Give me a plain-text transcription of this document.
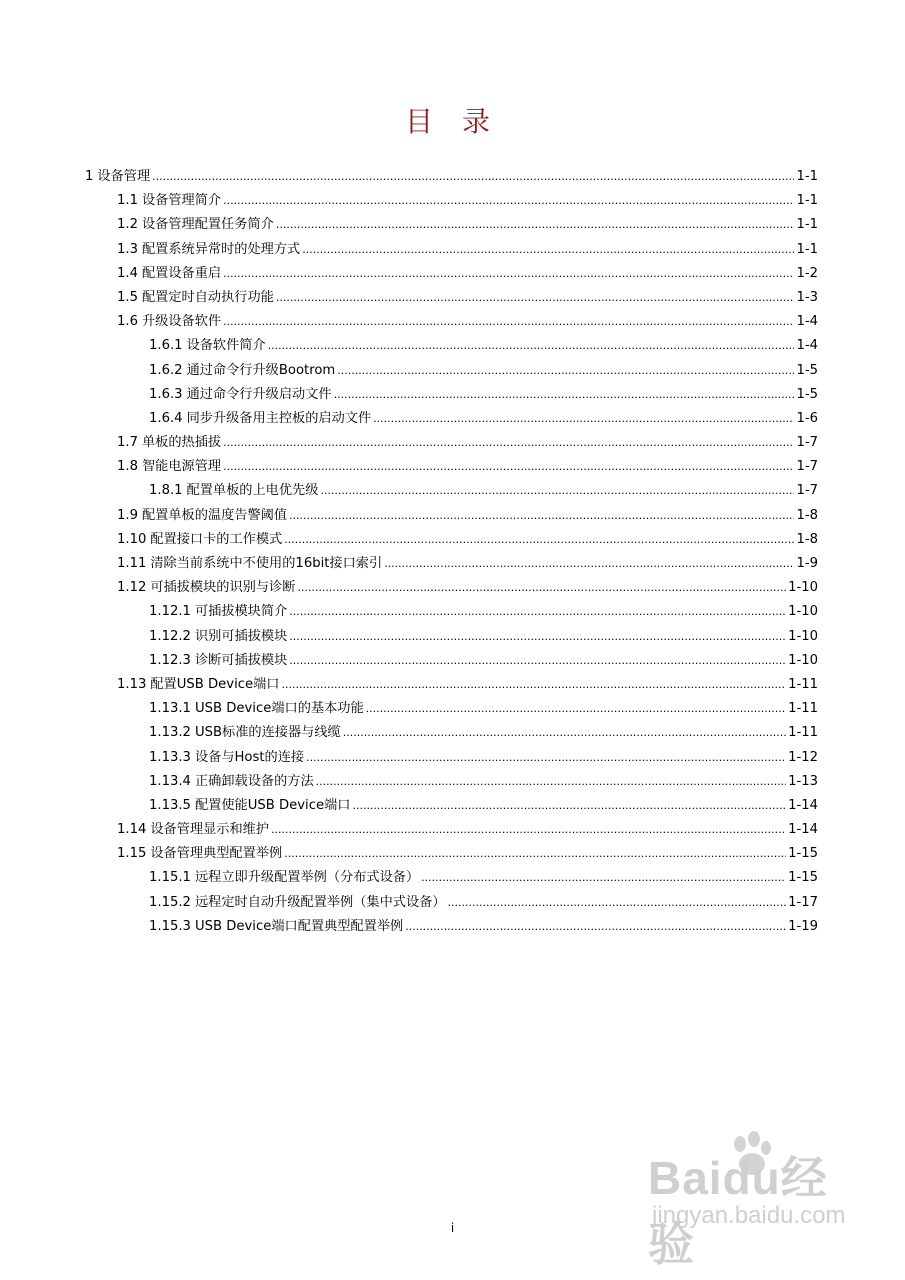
目 录
1 设备管理 .....	1-1
1.1 设备管理简介 .....	1-1
1.2 设备管理配置任务简介 .....	1-1
1.3 配置系统异常时的处理方式 .....	1-1
1.4 配置设备重启 .....	1-2
1.5 配置定时自动执行功能 .....	1-3
1.6 升级设备软件 .....	1-4
1.6.1 设备软件简介 .....	1-4
1.6.2 通过命令行升级Bootrom .....	1-5
1.6.3 通过命令行升级启动文件 .....	1-5
1.6.4 同步升级备用主控板的启动文件 .....	1-6
1.7 单板的热插拔 .....	1-7
1.8 智能电源管理 .....	1-7
1.8.1 配置单板的上电优先级 .....	1-7
1.9 配置单板的温度告警阈值 .....	1-8
1.10 配置接口卡的工作模式 .....	1-8
1.11 清除当前系统中不使用的16bit接口索引 .....	1-9
1.12 可插拔模块的识别与诊断 .....	1-10
1.12.1 可插拔模块简介 .....	1-10
1.12.2 识别可插拔模块 .....	1-10
1.12.3 诊断可插拔模块 .....	1-10
1.13 配置USB Device端口 .....	1-11
1.13.1 USB Device端口的基本功能 .....	1-11
1.13.2 USB标准的连接器与线缆 .....	1-11
1.13.3 设备与Host的连接 .....	1-12
1.13.4 正确卸载设备的方法 .....	1-13
1.13.5 配置使能USB Device端口 .....	1-14
1.14 设备管理显示和维护 .....	1-14
1.15 设备管理典型配置举例 .....	1-15
1.15.1 远程立即升级配置举例（分布式设备） .....	1-15
1.15.2 远程定时自动升级配置举例（集中式设备） .....	1-17
1.15.3 USB Device端口配置典型配置举例 .....	1-19
i
Baidu经验
jingyan.baidu.com
